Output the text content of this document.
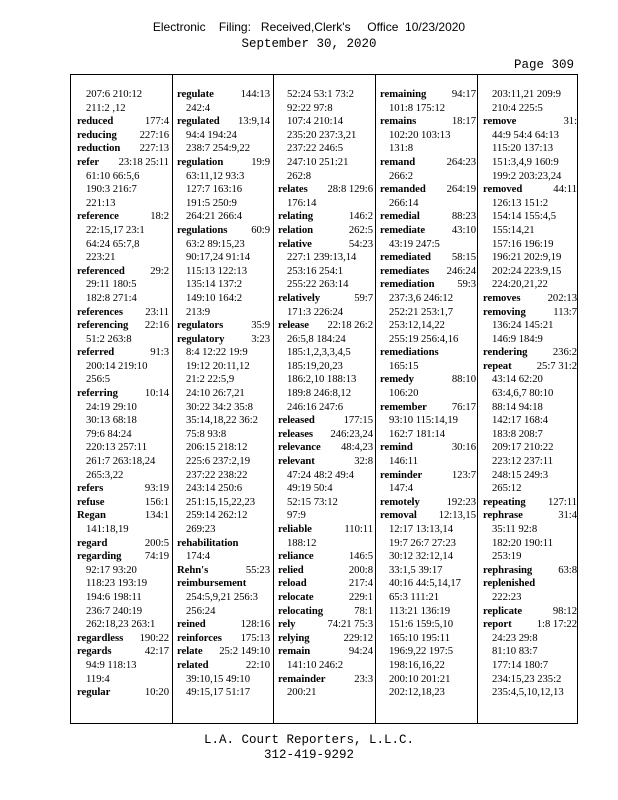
Electronic    Filing:   Received,Clerk's     Office  10/23/2020
September 30, 2020
Page 309
207:6 210:12
211:2 ,12
reduced	177:4
reducing 227:16
reduction 227:13
refer 23:18 25:11
61:10 66:5,6
190:3 216:7
221:13
reference	18:2
22:15,17 23:1
64:24 65:7,8
223:21
referenced 29:2
29:11 180:5
182:8 271:4
references 23:11
referencing 22:16
51:2 263:8
referred	91:3
200:14 219:10
256:5
referring	10:14
24:19 29:10
30:13 68:18
79:6 84:24
220:13 257:11
261:7 263:18,24
265:3,22
refers	93:19
refuse	156:1
Regan	134:1
141:18,19
regard	200:5
regarding 74:19
92:17 93:20
118:23 193:19
194:6 198:11
236:7 240:19
262:18,23 263:1
regardless 190:22
regards	42:17
94:9 118:13
119:4
regular	10:20
regulate	144:13
242:4
regulated 13:9,14
94:4 194:24
238:7 254:9,22
regulation	19:9
63:11,12 93:3
127:7 163:16
191:5 250:9
264:21 266:4
regulations 60:9
63:2 89:15,23
90:17,24 91:14
115:13 122:13
135:14 137:2
149:10 164:2
213:9
regulators	35:9
regulatory	3:23
8:4 12:22 19:9
19:12 20:11,12
21:2 22:5,9
24:10 26:7,21
30:22 34:2 35:8
35:14,18,22 36:2
75:8 93:8
206:15 218:12
225:6 237:2,19
237:22 238:22
243:14 250:6
251:15,15,22,23
259:14 262:12
269:23
rehabilitation
174:4
Rehn's	55:23
reimbursement
254:5,9,21 256:3
256:24
reined	128:16
reinforces 175:13
relate 25:2 149:10
related	22:10
39:10,15 49:10
49:15,17 51:17
52:24 53:1 73:2
92:22 97:8
107:4 210:14
235:20 237:3,21
237:22 246:5
247:10 251:21
262:8
relates 28:8 129:6
176:14
relating	146:2
relation	262:5
relative	54:23
227:1 239:13,14
253:16 254:1
255:22 263:14
relatively	59:7
171:3 226:24
release 22:18 26:2
26:5,8 184:24
185:1,2,3,3,4,5
185:19,20,23
186:2,10 188:13
189:8 246:8,12
246:16 247:6
released	177:15
releases 246:23,24
relevance 48:4,23
relevant	32:8
47:24 48:2 49:4
49:19 50:4
52:15 73:12
97:9
reliable	110:11
188:12
reliance	146:5
relied	200:8
reload	217:4
relocate	229:1
relocating	78:1
rely	74:21 75:3
relying	229:12
remain	94:24
141:10 246:2
remainder	23:3
200:21
remaining 94:17
101:8 175:12
remains	18:17
102:20 103:13
131:8
remand	264:23
266:2
remanded 264:19
266:14
remedial	88:23
remediate	43:10
43:19 247:5
remediated 58:15
remediates 246:24
remediation 59:3
237:3,6 246:12
252:21 253:1,7
253:12,14,22
255:19 256:4,16
remediations
165:15
remedy	88:10
106:20
remember 76:17
93:10 115:14,19
162:7 181:14
remind	30:16
146:11
reminder	123:7
147:4
remotely	192:23
removal 12:13,15
12:17 13:13,14
19:7 26:7 27:23
30:12 32:12,14
33:1,5 39:17
40:16 44:5,14,17
65:3 111:21
113:21 136:19
151:6 159:5,10
165:10 195:11
196:9,22 197:5
198:16,16,22
200:10 201:21
202:12,18,23
203:11,21 209:9
210:4 225:5
remove	31:
44:9 54:4 64:13
115:20 137:13
151:3,4,9 160:9
199:2 203:23,24
removed	44:11
126:13 151:2
154:14 155:4,5
155:14,21
157:16 196:19
196:21 202:9,19
202:24 223:9,15
224:20,21,22
removes	202:13
removing	113:7
136:24 145:21
146:9 184:9
rendering 236:2
repeat 25:7 31:2
43:14 62:20
63:4,6,7 80:10
88:14 94:18
142:17 168:4
183:8 208:7
209:17 210:22
223:12 237:11
248:15 249:3
265:12
repeating 127:11
rephrase	31:4
35:11 92:8
182:20 190:11
253:19
rephrasing 63:8
replenished
222:23
replicate	98:12
report 1:8 17:22
24:23 29:8
81:10 83:7
177:14 180:7
234:15,23 235:2
235:4,5,10,12,13
L.A. Court Reporters, L.L.C.
312-419-9292
